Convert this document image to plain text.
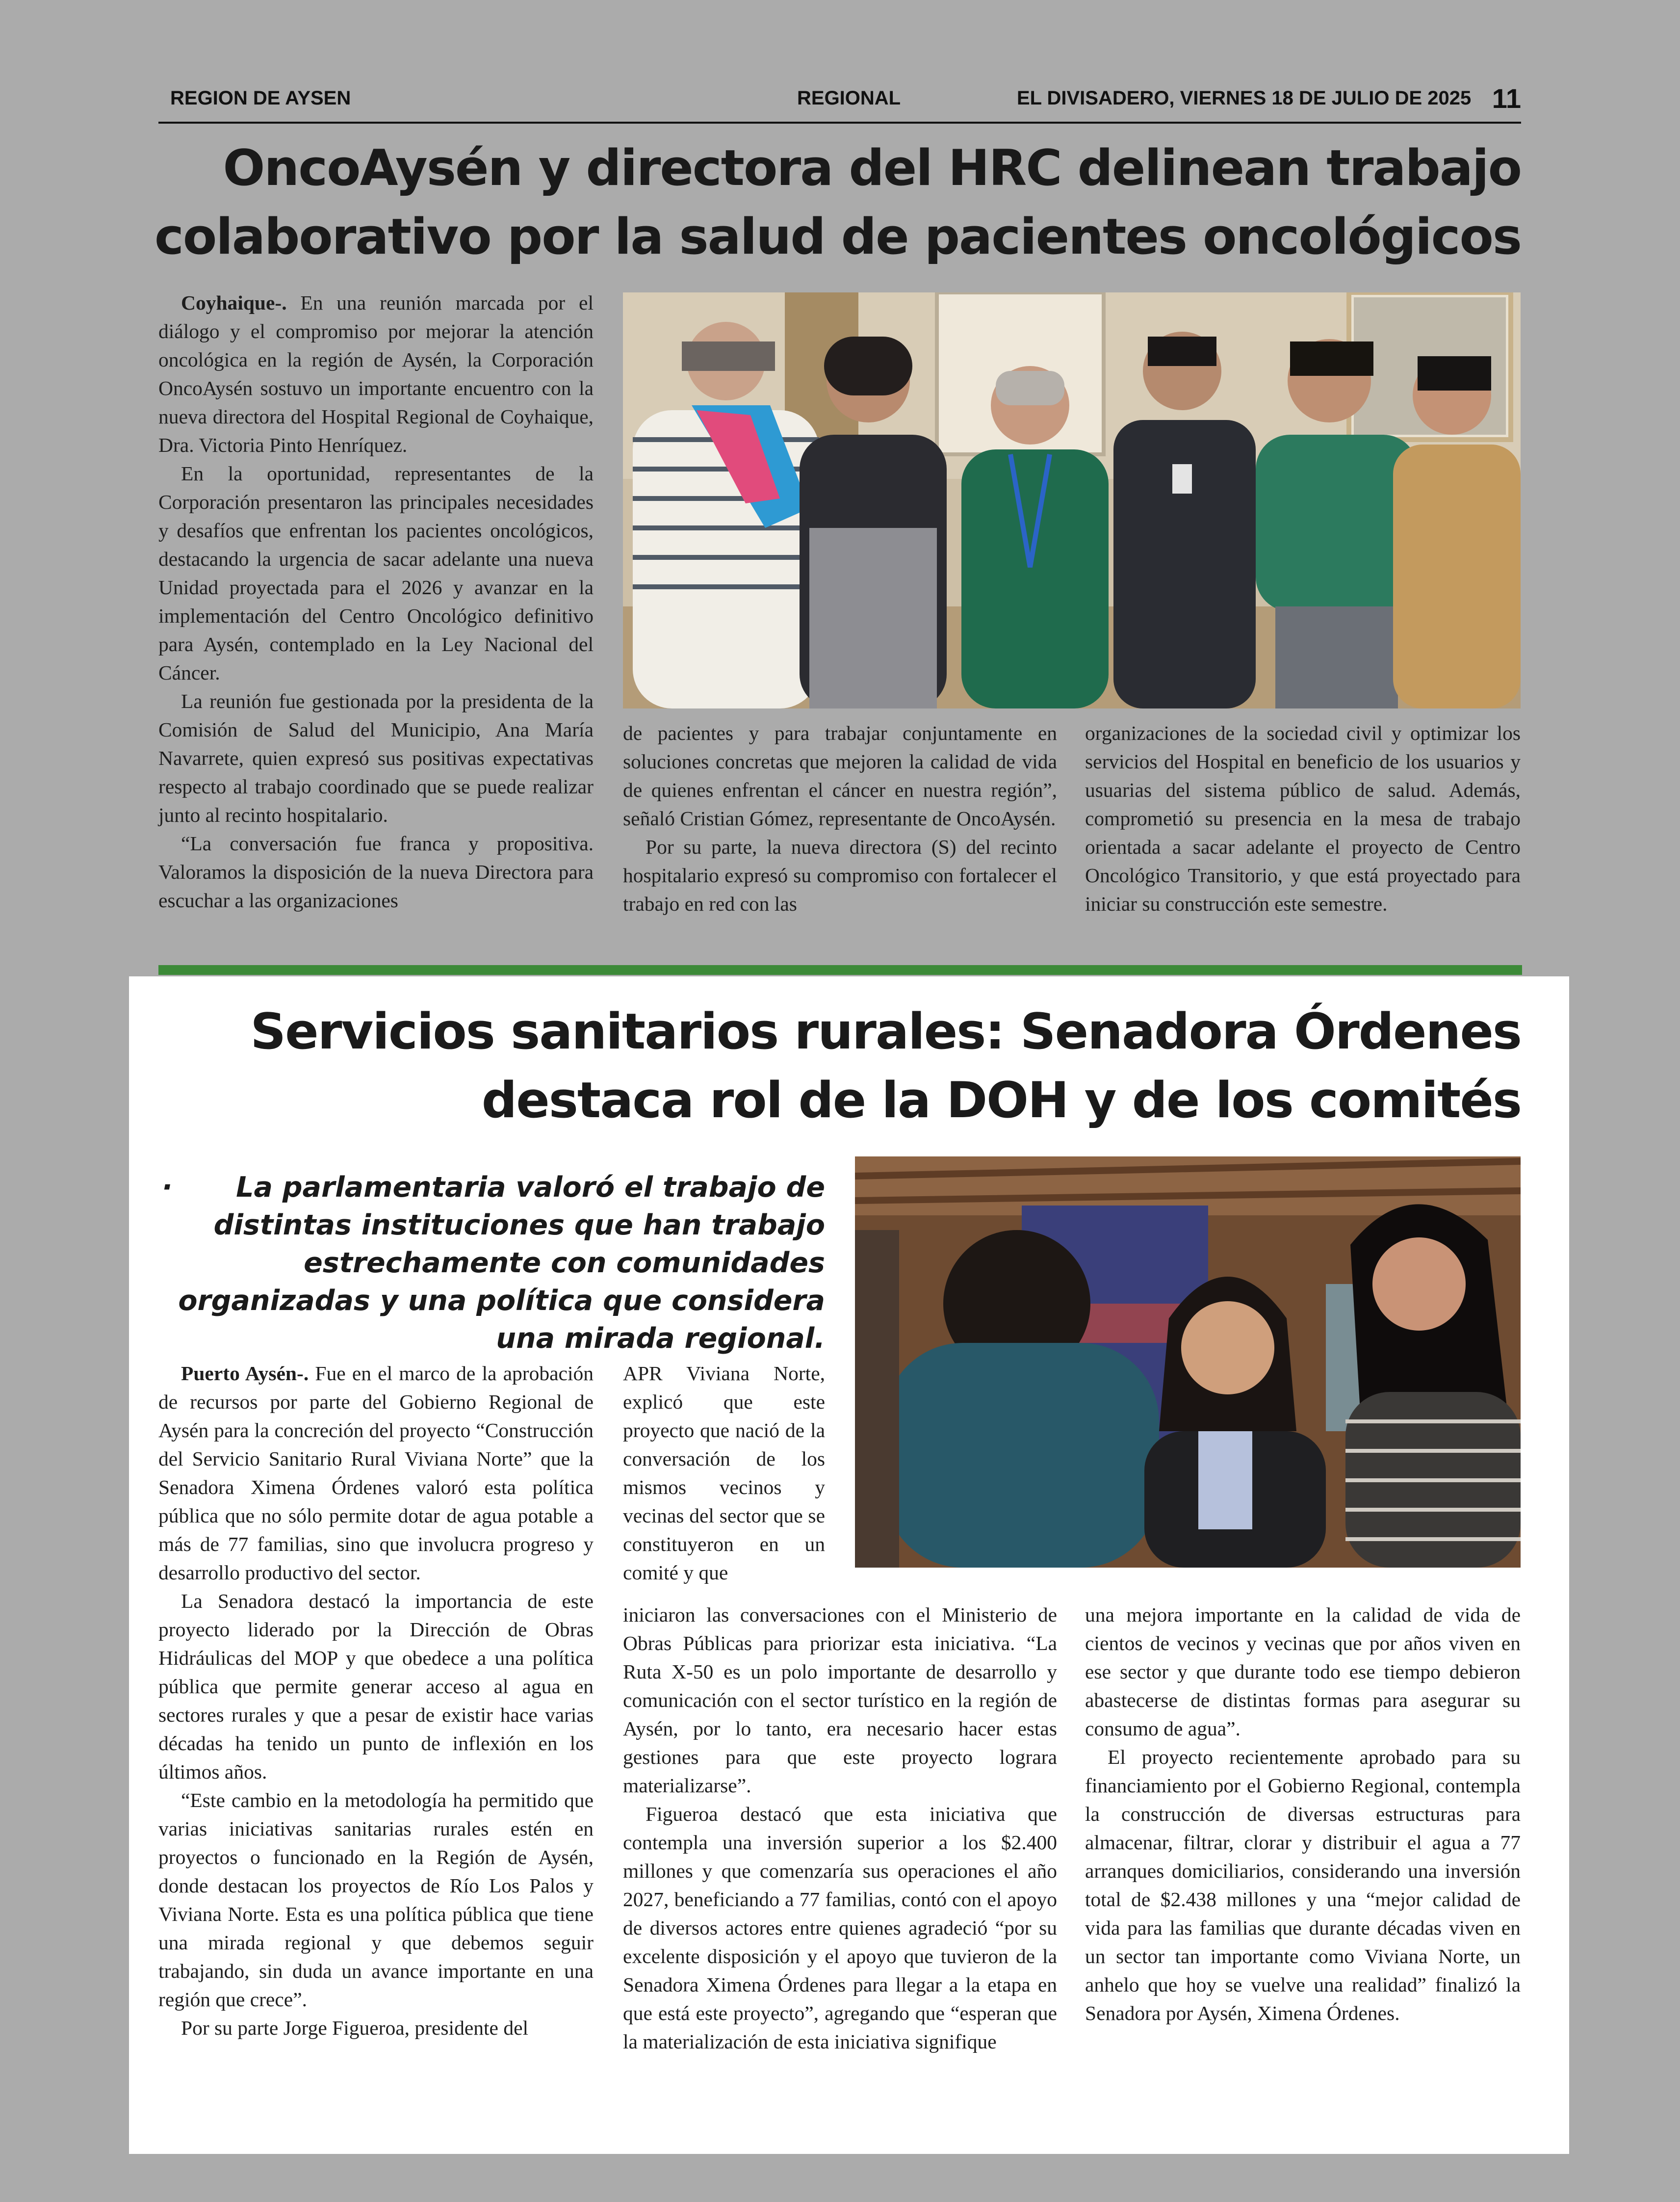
REGION DE AYSEN	REGIONAL	EL DIVISADERO, VIERNES 18 DE JULIO DE 2025 11
OncoAysén y directora del HRC delinean trabajo
colaborativo por la salud de pacientes oncológicos

Coyhaique-. En una reunión marcada por el diálogo y el compromiso por mejorar la atención oncológica en la región de Aysén, la Corporación OncoAysén sostuvo un importante encuentro con la nueva directora del Hospital Regional de Coyhaique, Dra. Victoria Pinto Henríquez.

En la oportunidad, representantes de la Corporación presentaron las principales necesidades y desafíos que enfrentan los pacientes oncológicos, destacando la urgencia de sacar adelante una nueva Unidad proyectada para el 2026 y avanzar en la implementación del Centro Oncológico definitivo para Aysén, contemplado en la Ley Nacional del Cáncer.

La reunión fue gestionada por la presidenta de la Comisión de Salud del Municipio, Ana María Navarrete, quien expresó sus positivas expectativas respecto al trabajo coordinado que se puede realizar junto al recinto hospitalario.

“La conversación fue franca y propositiva. Valoramos la disposición de la nueva Directora para escuchar a las organizaciones

de pacientes y para trabajar conjuntamente en soluciones concretas que mejoren la calidad de vida de quienes enfrentan el cáncer en nuestra región”, señaló Cristian Gómez, representante de OncoAysén.

Por su parte, la nueva directora (S) del recinto hospitalario expresó su compromiso con fortalecer el trabajo en red con las

organizaciones de la sociedad civil y optimizar los servicios del Hospital en beneficio de los usuarios y usuarias del sistema público de salud. Además, comprometió su presencia en la mesa de trabajo orientada a sacar adelante el proyecto de Centro Oncológico Transitorio, y que está proyectado para iniciar su construcción este semestre.

Servicios sanitarios rurales: Senadora Órdenes
destaca rol de la DOH y de los comités
· La parlamentaria valoró el trabajo de distintas instituciones que han trabajo estrechamente con comunidades organizadas y una política que considera una mirada regional.

Puerto Aysén-. Fue en el marco de la aprobación de recursos por parte del Gobierno Regional de Aysén para la concreción del proyecto “Construcción del Servicio Sanitario Rural Viviana Norte” que la Senadora Ximena Órdenes valoró esta política pública que no sólo permite dotar de agua potable a más de 77 familias, sino que involucra progreso y desarrollo productivo del sector.

La Senadora destacó la importancia de este proyecto liderado por la Dirección de Obras Hidráulicas del MOP y que obedece a una política pública que permite generar acceso al agua en sectores rurales y que a pesar de existir hace varias décadas ha tenido un punto de inflexión en los últimos años.

“Este cambio en la metodología ha permitido que varias iniciativas sanitarias rurales estén en proyectos o funcionado en la Región de Aysén, donde destacan los proyectos de Río Los Palos y Viviana Norte. Esta es una política pública que tiene una mirada regional y que debemos seguir trabajando, sin duda un avance importante en una región que crece”.

Por su parte Jorge Figueroa, presidente del

APR Viviana Norte, explicó que este proyecto que nació de la conversación de los mismos vecinos y vecinas del sector que se constituyeron en un comité y que

iniciaron las conversaciones con el Ministerio de Obras Públicas para priorizar esta iniciativa. “La Ruta X-50 es un polo importante de desarrollo y comunicación con el sector turístico en la región de Aysén, por lo tanto, era necesario hacer estas gestiones para que este proyecto lograra materializarse”.

Figueroa destacó que esta iniciativa que contempla una inversión superior a los $2.400 millones y que comenzaría sus operaciones el año 2027, beneficiando a 77 familias, contó con el apoyo de diversos actores entre quienes agradeció “por su excelente disposición y el apoyo que tuvieron de la Senadora Ximena Órdenes para llegar a la etapa en que está este proyecto”, agregando que “esperan que la materialización de esta iniciativa signifique

una mejora importante en la calidad de vida de cientos de vecinos y vecinas que por años viven en ese sector y que durante todo ese tiempo debieron abastecerse de distintas formas para asegurar su consumo de agua”.

El proyecto recientemente aprobado para su financiamiento por el Gobierno Regional, contempla la construcción de diversas estructuras para almacenar, filtrar, clorar y distribuir el agua a 77 arranques domiciliarios, considerando una inversión total de $2.438 millones y una “mejor calidad de vida para las familias que durante décadas viven en un sector tan importante como Viviana Norte, un anhelo que hoy se vuelve una realidad” finalizó la Senadora por Aysén, Ximena Órdenes.
